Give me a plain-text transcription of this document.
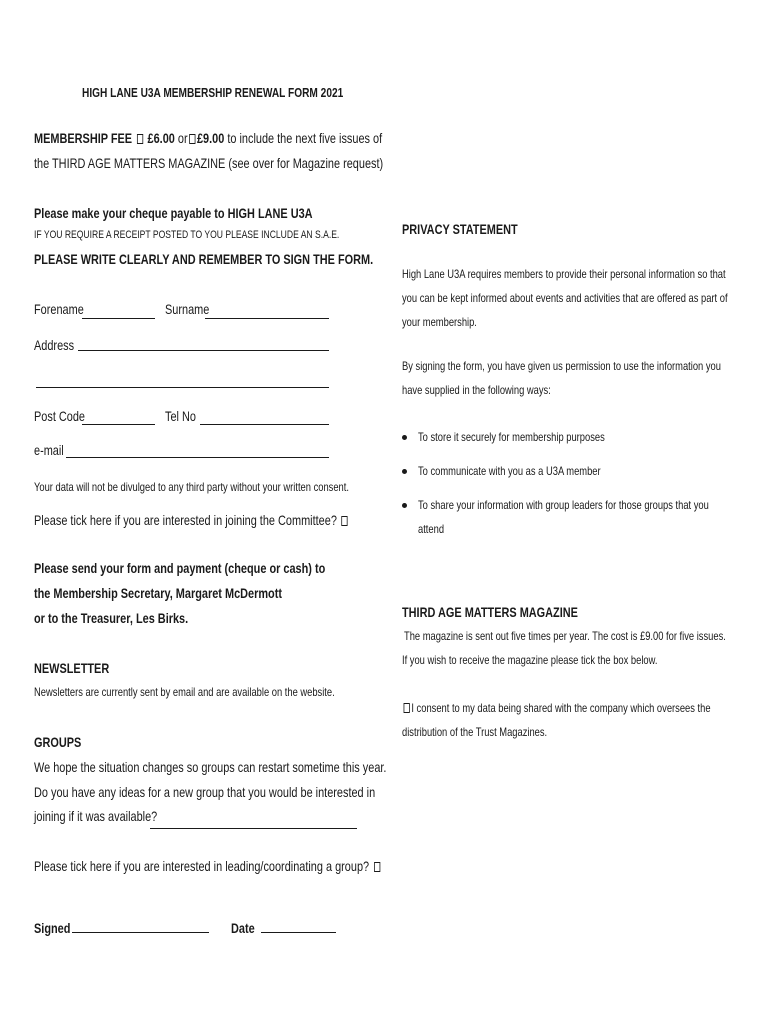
HIGH LANE U3A MEMBERSHIP RENEWAL FORM 2021
MEMBERSHIP FEE £6.00 or £9.00 to include the next five issues of
the THIRD AGE MATTERS MAGAZINE (see over for Magazine request)
Please make your cheque payable to HIGH LANE U3A
IF YOU REQUIRE A RECEIPT POSTED TO YOU PLEASE INCLUDE AN S.A.E.
PLEASE WRITE CLEARLY AND REMEMBER TO SIGN THE FORM.
Forename	Surname
Address
Post Code	Tel No
e-mail
Your data will not be divulged to any third party without your written consent.
Please tick here if you are interested in joining the Committee?
Please send your form and payment (cheque or cash) to
the Membership Secretary, Margaret McDermott
or to the Treasurer, Les Birks.
NEWSLETTER
Newsletters are currently sent by email and are available on the website.
GROUPS
We hope the situation changes so groups can restart sometime this year.
Do you have any ideas for a new group that you would be interested in
joining if it was available?
Please tick here if you are interested in leading/coordinating a group?
Signed	Date
PRIVACY STATEMENT
High Lane U3A requires members to provide their personal information so that
you can be kept informed about events and activities that are offered as part of
your membership.
By signing the form, you have given us permission to use the information you
have supplied in the following ways:
To store it securely for membership purposes
To communicate with you as a U3A member
To share your information with group leaders for those groups that you
attend
THIRD AGE MATTERS MAGAZINE
The magazine is sent out five times per year. The cost is £9.00 for five issues.
If you wish to receive the magazine please tick the box below.
I consent to my data being shared with the company which oversees the
distribution of the Trust Magazines.
